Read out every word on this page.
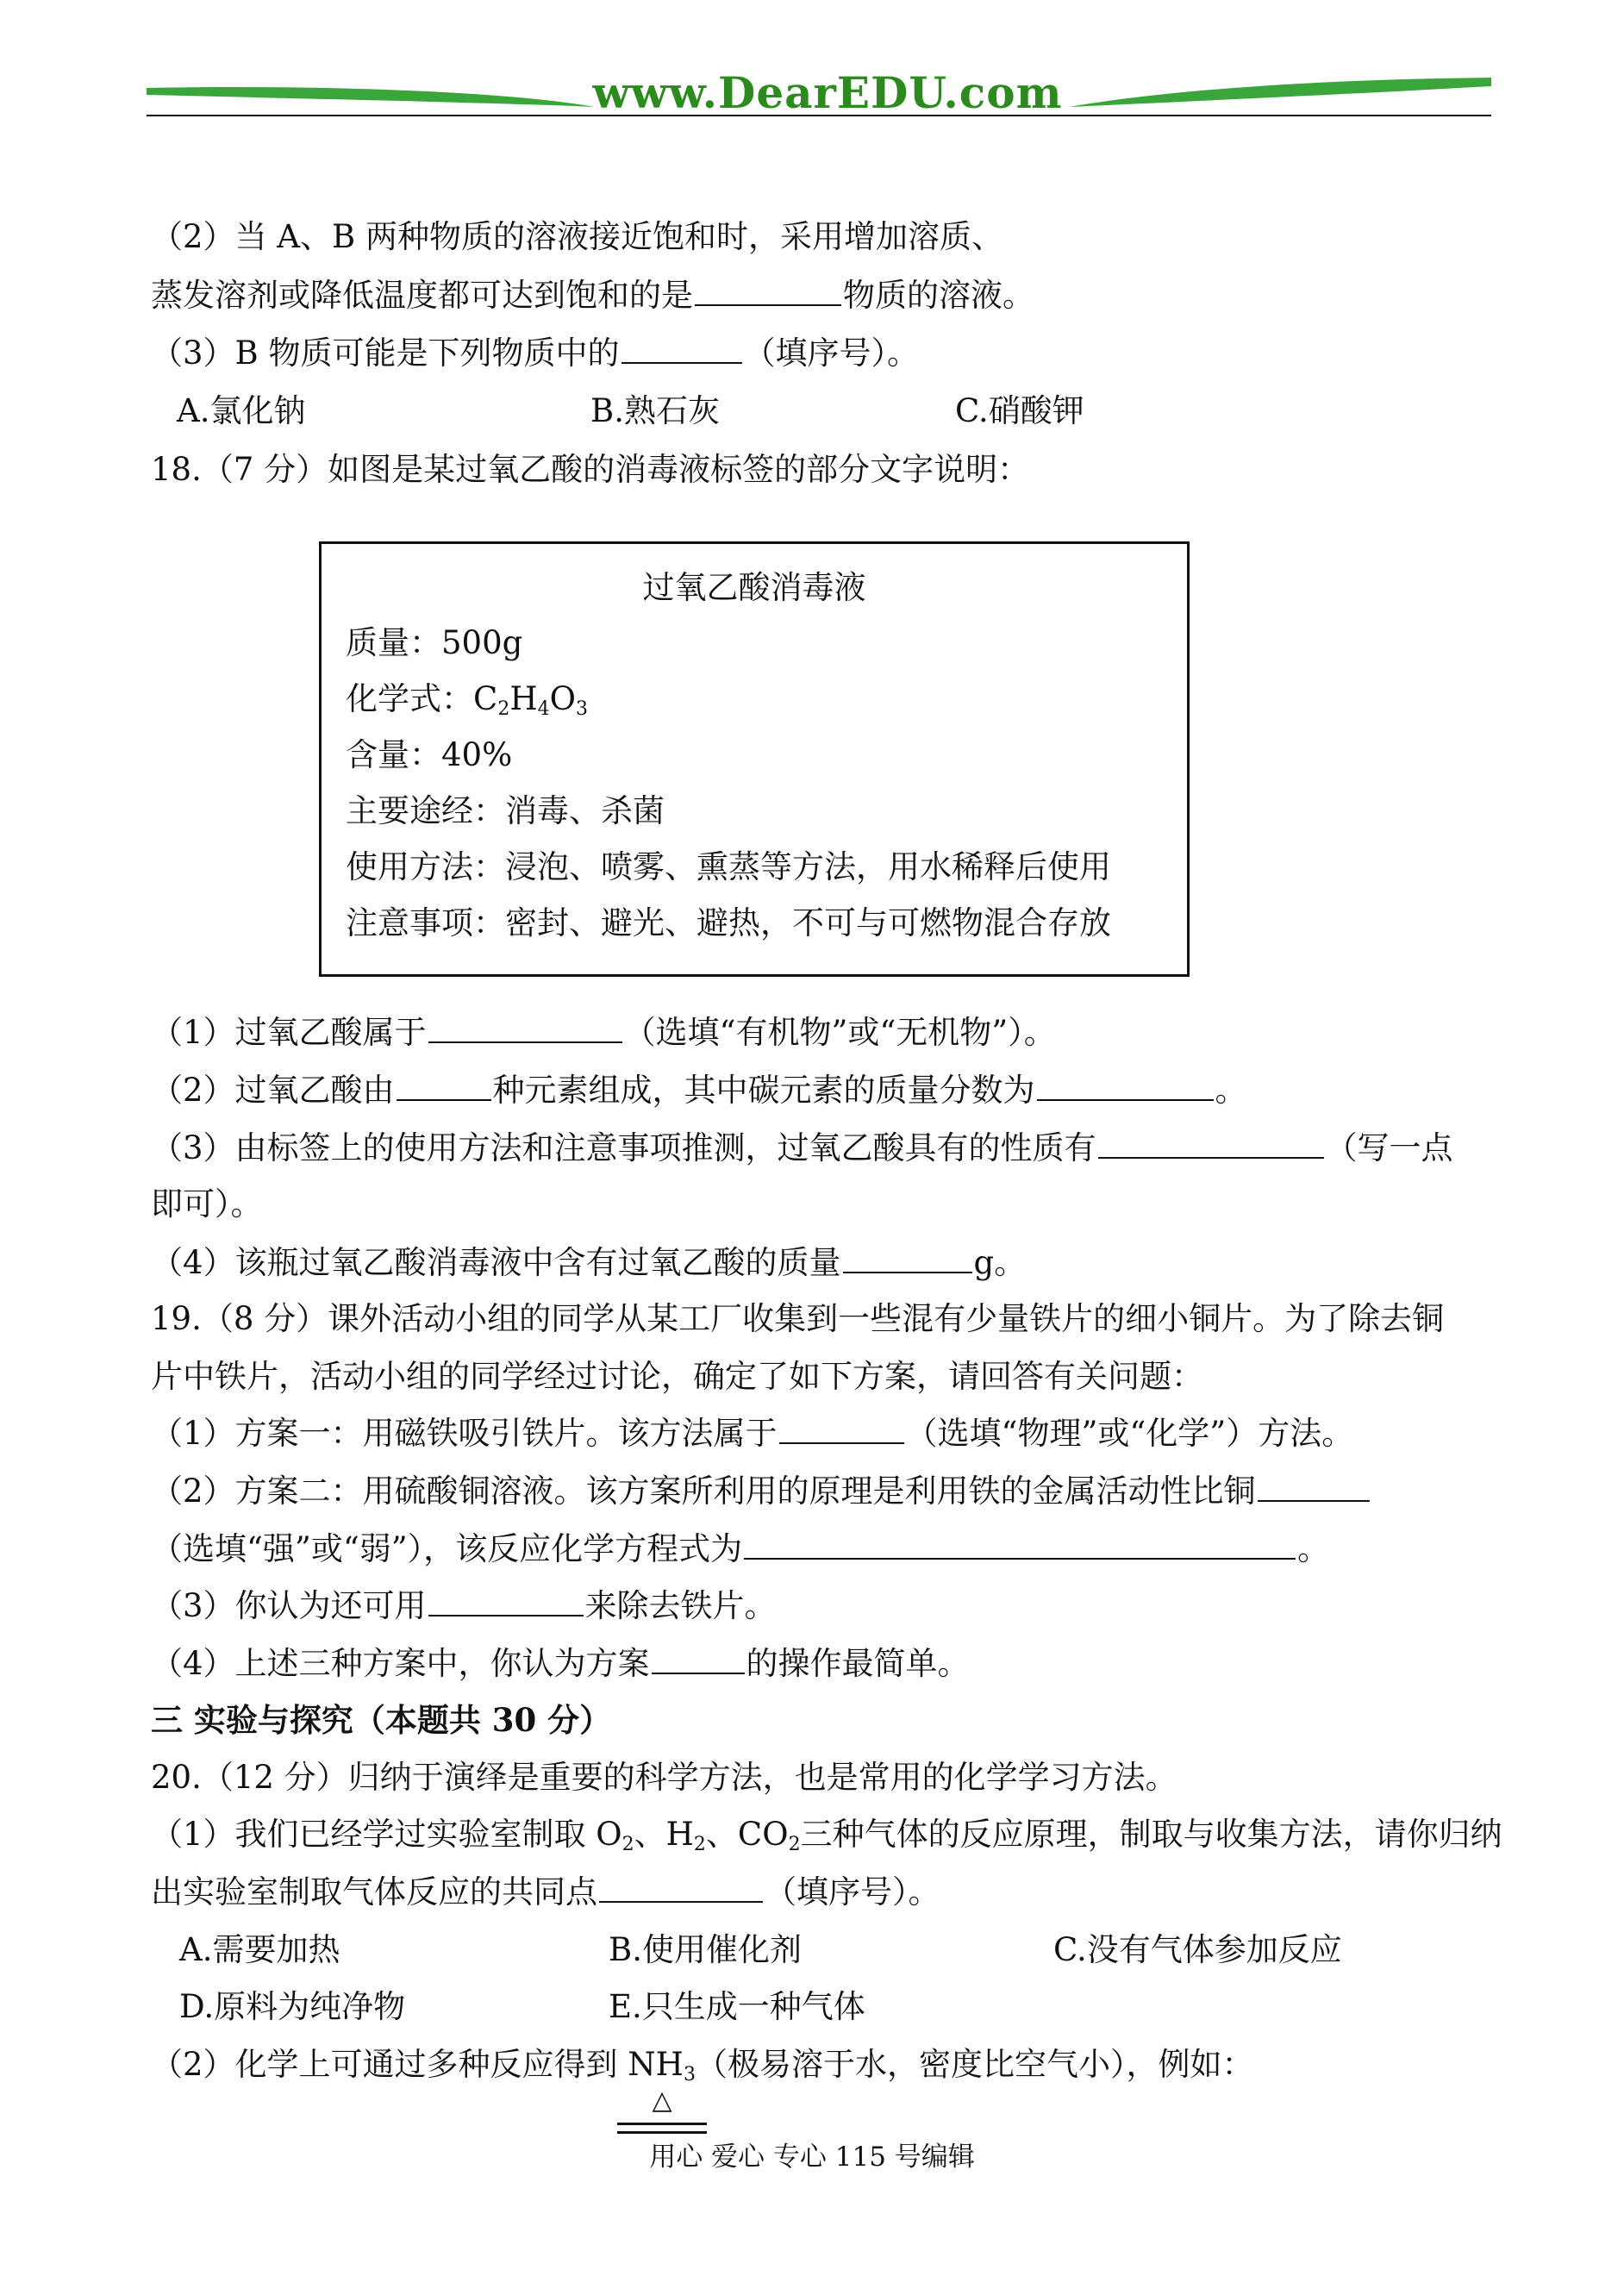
www.DearEDU.com
（2）当 A、B 两种物质的溶液接近饱和时，采用增加溶质、
蒸发溶剂或降低温度都可达到饱和的是	物质的溶液。
（3）B 物质可能是下列物质中的	（填序号）。
A.氯化钠	B.熟石灰	C.硝酸钾
18.（7 分）如图是某过氧乙酸的消毒液标签的部分文字说明：
过氧乙酸消毒液
质量：500g
化学式：$C_2H_4O_3$
含量：40%
主要途经：消毒、杀菌
使用方法：浸泡、喷雾、熏蒸等方法，用水稀释后使用
注意事项：密封、避光、避热，不可与可燃物混合存放
（1）过氧乙酸属于	（选填“有机物”或“无机物”）。
（2）过氧乙酸由	种元素组成，其中碳元素的质量分数为	。
（3）由标签上的使用方法和注意事项推测，过氧乙酸具有的性质有	（写一点
即可）。
（4）该瓶过氧乙酸消毒液中含有过氧乙酸的质量	g。
19.（8 分）课外活动小组的同学从某工厂收集到一些混有少量铁片的细小铜片。为了除去铜
片中铁片，活动小组的同学经过讨论，确定了如下方案，请回答有关问题：
（1）方案一：用磁铁吸引铁片。该方法属于	（选填“物理”或“化学”）方法。
（2）方案二：用硫酸铜溶液。该方案所利用的原理是利用铁的金属活动性比铜
（选填“强”或“弱”），该反应化学方程式为	。
（3）你认为还可用	来除去铁片。
（4）上述三种方案中，你认为方案	的操作最简单。
三 实验与探究（本题共 30 分）
20.（12 分）归纳于演绎是重要的科学方法，也是常用的化学学习方法。
（1）我们已经学过实验室制取 $O_2$、$H_2$、$CO_2$三种气体的反应原理，制取与收集方法，请你归纳
出实验室制取气体反应的共同点	（填序号）。
A.需要加热	B.使用催化剂	C.没有气体参加反应
D.原料为纯净物	E.只生成一种气体
（2）化学上可通过多种反应得到 $NH_3$（极易溶于水，密度比空气小），例如：
△
用心 爱心 专心 115 号编辑
